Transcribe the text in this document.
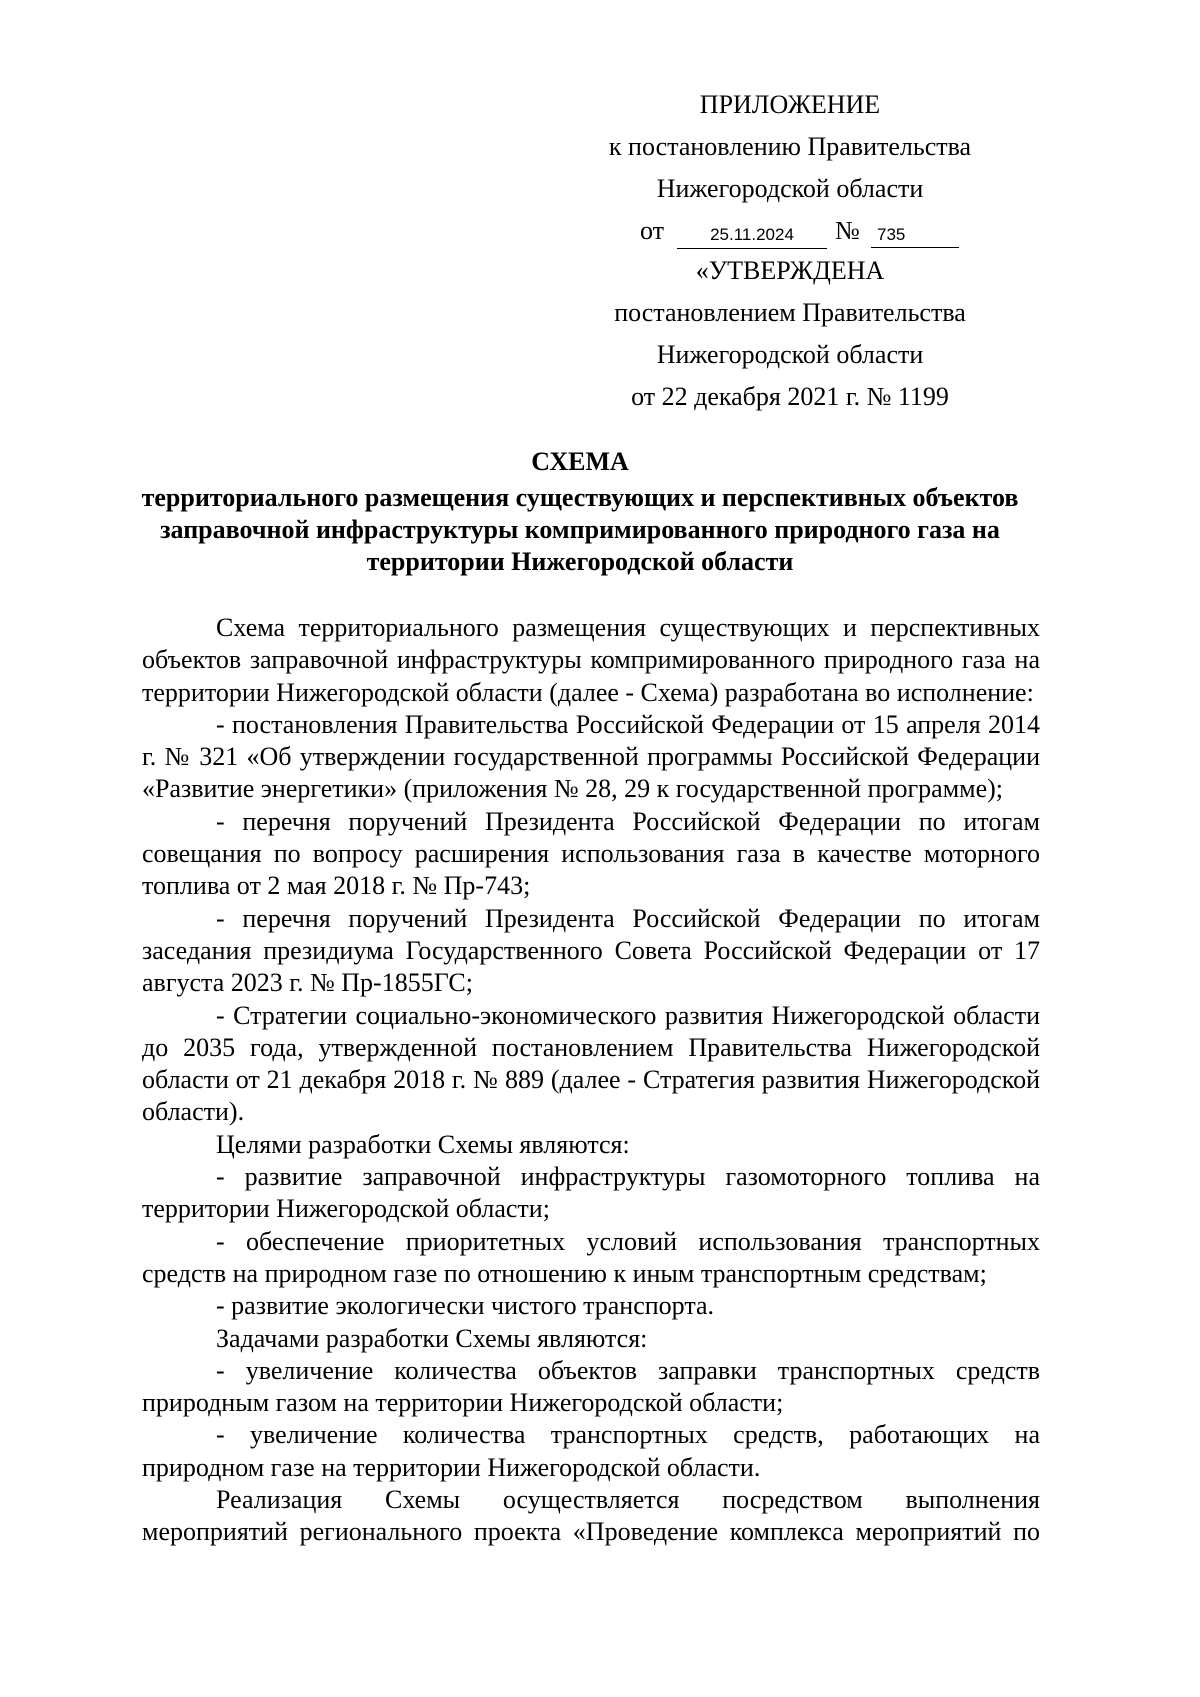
ПРИЛОЖЕНИЕ
к постановлению Правительства
Нижегородской области
от	25.11.2024	№	735
«УТВЕРЖДЕНА
постановлением Правительства
Нижегородской области
от 22 декабря 2021 г. № 1199
СХЕМА
территориального размещения существующих и перспективных объектов заправочной инфраструктуры компримированного природного газа на территории Нижегородской области

Схема территориального размещения существующих и перспективных объектов заправочной инфраструктуры компримированного природного газа на территории Нижегородской области (далее - Схема) разработана во исполнение:

- постановления Правительства Российской Федерации от 15 апреля 2014 г. № 321 «Об утверждении государственной программы Российской Федерации «Развитие энергетики» (приложения № 28, 29 к государственной программе);

- перечня поручений Президента Российской Федерации по итогам совещания по вопросу расширения использования газа в качестве моторного топлива от 2 мая 2018 г. № Пр-743;

- перечня поручений Президента Российской Федерации по итогам заседания президиума Государственного Совета Российской Федерации от 17 августа 2023 г. № Пр-1855ГС;

- Стратегии социально-экономического развития Нижегородской области до 2035 года, утвержденной постановлением Правительства Нижегородской области от 21 декабря 2018 г. № 889 (далее - Стратегия развития Нижегородской области).

Целями разработки Схемы являются:

- развитие заправочной инфраструктуры газомоторного топлива на территории Нижегородской области;

- обеспечение приоритетных условий использования транспортных средств на природном газе по отношению к иным транспортным средствам;

- развитие экологически чистого транспорта.

Задачами разработки Схемы являются:

- увеличение количества объектов заправки транспортных средств природным газом на территории Нижегородской области;

- увеличение количества транспортных средств, работающих на природном газе на территории Нижегородской области.

Реализация Схемы осуществляется посредством выполнения мероприятий регионального проекта «Проведение комплекса мероприятий по
